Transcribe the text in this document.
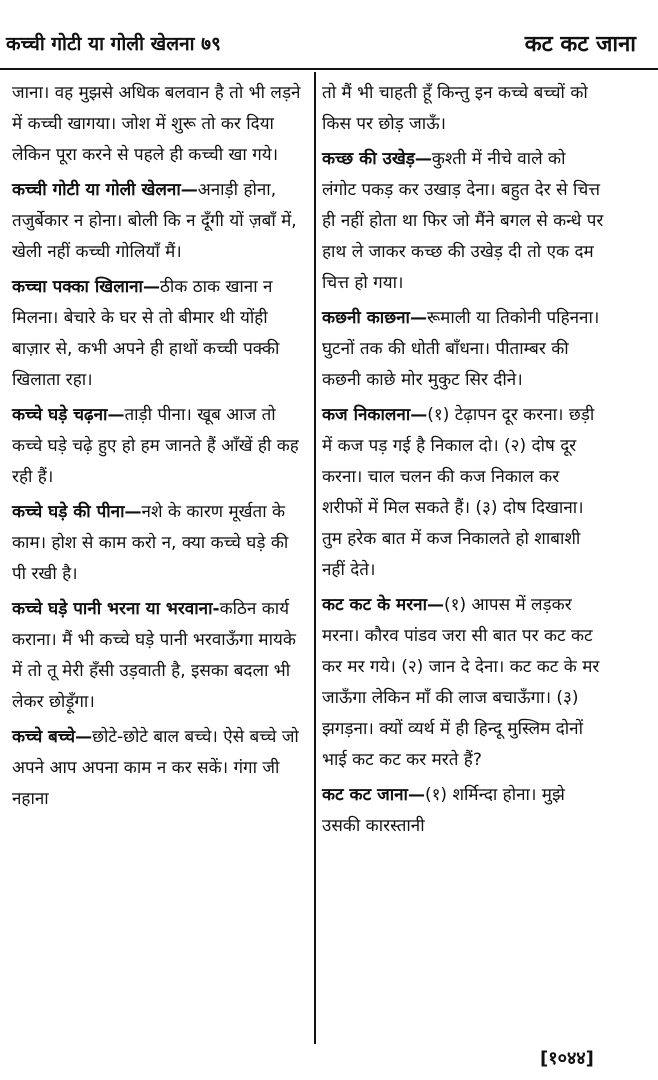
कच्ची गोटी या गोली खेलना ७९	कट कट जाना

जाना। वह मुझसे अधिक बलवान है तो भी लड़ने में कच्ची खागया। जोश में शुरू तो कर दिया लेकिन पूरा करने से पहले ही कच्ची खा गये।

कच्ची गोटी या गोली खेलना—अनाड़ी होना, तजुर्बेकार न होना। बोली कि न दूँगी यों ज़बाँ में, खेली नहीं कच्ची गोलियाँ मैं।

कच्चा पक्का खिलाना—ठीक ठाक खाना न मिलना। बेचारे के घर से तो बीमार थी योंही बाज़ार से, कभी अपने ही हाथों कच्ची पक्की खिलाता रहा।

कच्चे घड़े चढ़ना—ताड़ी पीना। खूब आज तो कच्चे घड़े चढ़े हुए हो हम जानते हैं आँखें ही कह रही हैं।

कच्चे घड़े की पीना—नशे के कारण मूर्खता के काम। होश से काम करो न, क्या कच्चे घड़े की पी रखी है।

कच्चे घड़े पानी भरना या भरवाना-कठिन कार्य कराना। मैं भी कच्चे घड़े पानी भरवाऊँगा मायके में तो तू मेरी हँसी उड़वाती है, इसका बदला भी लेकर छोड़ूँगा।

कच्चे बच्चे—छोटे-छोटे बाल बच्चे। ऐसे बच्चे जो अपने आप अपना काम न कर सकें। गंगा जी नहाना

तो मैं भी चाहती हूँ किन्तु इन कच्चे बच्चों को किस पर छोड़ जाऊँ।

कच्छ की उखेड़—कुश्ती में नीचे वाले को लंगोट पकड़ कर उखाड़ देना। बहुत देर से चित्त ही नहीं होता था फिर जो मैंने बगल से कन्धे पर हाथ ले जाकर कच्छ की उखेड़ दी तो एक दम चित्त हो गया।

कछनी काछना—रूमाली या तिकोनी पहिनना। घुटनों तक की धोती बाँधना। पीताम्बर की कछनी काछे मोर मुकुट सिर दीने।

कज निकालना—(१) टेढ़ापन दूर करना। छड़ी में कज पड़ गई है निकाल दो। (२) दोष दूर करना। चाल चलन की कज निकाल कर शरीफों में मिल सकते हैं। (३) दोष दिखाना। तुम हरेक बात में कज निकालते हो शाबाशी नहीं देते।

कट कट के मरना—(१) आपस में लड़कर मरना। कौरव पांडव जरा सी बात पर कट कट कर मर गये। (२) जान दे देना। कट कट के मर जाऊँगा लेकिन माँ की लाज बचाऊँगा। (३) झगड़ना। क्यों व्यर्थ में ही हिन्दू मुस्लिम दोनों भाई कट कट कर मरते हैं?

कट कट जाना—(१) शर्मिन्दा होना। मुझे उसकी कारस्तानी

[१०४४]
